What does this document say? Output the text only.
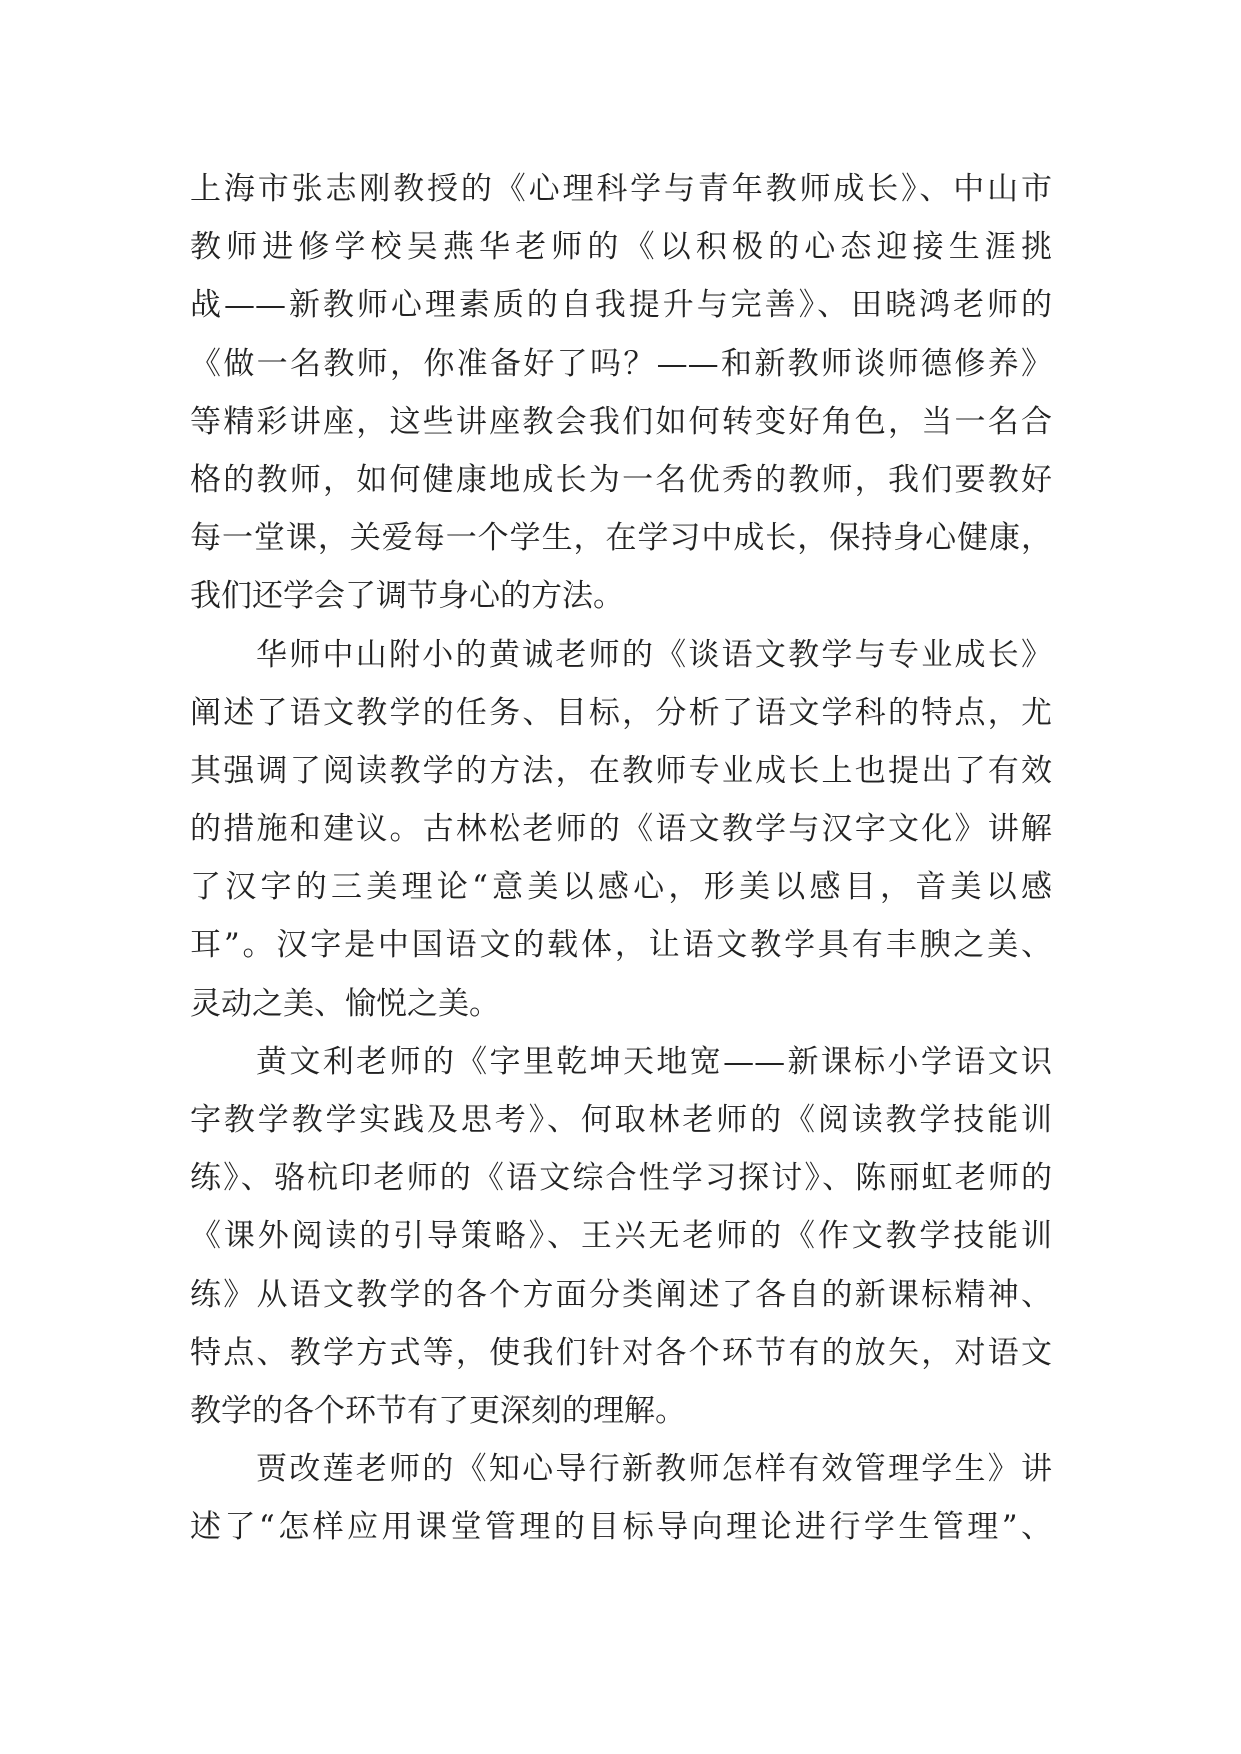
上海市张志刚教授的《心理科学与青年教师成长》、中山市
教师进修学校吴燕华老师的《以积极的心态迎接生涯挑
战——新教师心理素质的自我提升与完善》、田晓鸿老师的
《做一名教师，你准备好了吗？——和新教师谈师德修养》
等精彩讲座，这些讲座教会我们如何转变好角色，当一名合
格的教师，如何健康地成长为一名优秀的教师，我们要教好
每一堂课，关爱每一个学生，在学习中成长，保持身心健康，
我们还学会了调节身心的方法。
华师中山附小的黄诚老师的《谈语文教学与专业成长》
阐述了语文教学的任务、目标，分析了语文学科的特点，尤
其强调了阅读教学的方法，在教师专业成长上也提出了有效
的措施和建议。古林松老师的《语文教学与汉字文化》讲解
了汉字的三美理论“意美以感心，形美以感目，音美以感
耳”。汉字是中国语文的载体，让语文教学具有丰腴之美、
灵动之美、愉悦之美。
黄文利老师的《字里乾坤天地宽——新课标小学语文识
字教学教学实践及思考》、何取林老师的《阅读教学技能训
练》、骆杭印老师的《语文综合性学习探讨》、陈丽虹老师的
《课外阅读的引导策略》、王兴无老师的《作文教学技能训
练》从语文教学的各个方面分类阐述了各自的新课标精神、
特点、教学方式等，使我们针对各个环节有的放矢，对语文
教学的各个环节有了更深刻的理解。
贾改莲老师的《知心导行新教师怎样有效管理学生》讲
述了“怎样应用课堂管理的目标导向理论进行学生管理”、
